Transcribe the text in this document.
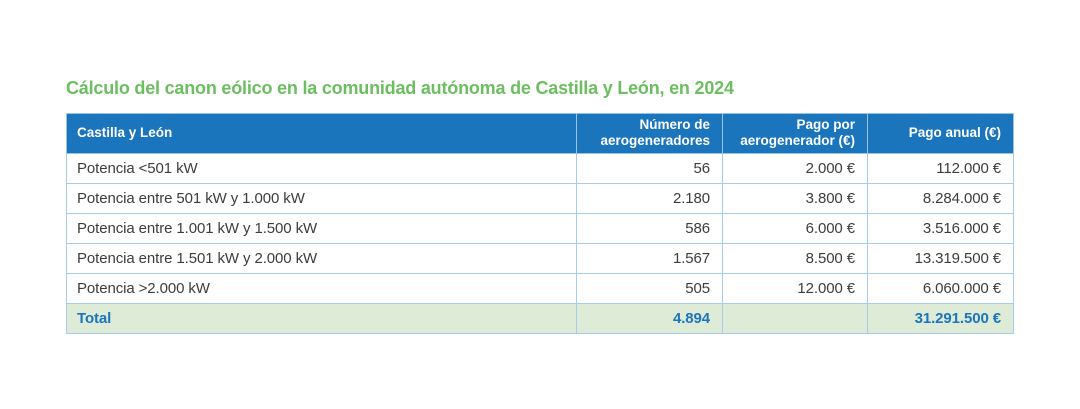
Cálculo del canon eólico en la comunidad autónoma de Castilla y León, en 2024
Castilla y León	Número de aerogeneradores	Pago por aerogenerador (€)	Pago anual (€)
Potencia <501 kW	56	2.000 €	112.000 €
Potencia entre 501 kW y 1.000 kW	2.180	3.800 €	8.284.000 €
Potencia entre 1.001 kW y 1.500 kW	586	6.000 €	3.516.000 €
Potencia entre 1.501 kW y 2.000 kW	1.567	8.500 €	13.319.500 €
Potencia >2.000 kW	505	12.000 €	6.060.000 €
Total	4.894		31.291.500 €
